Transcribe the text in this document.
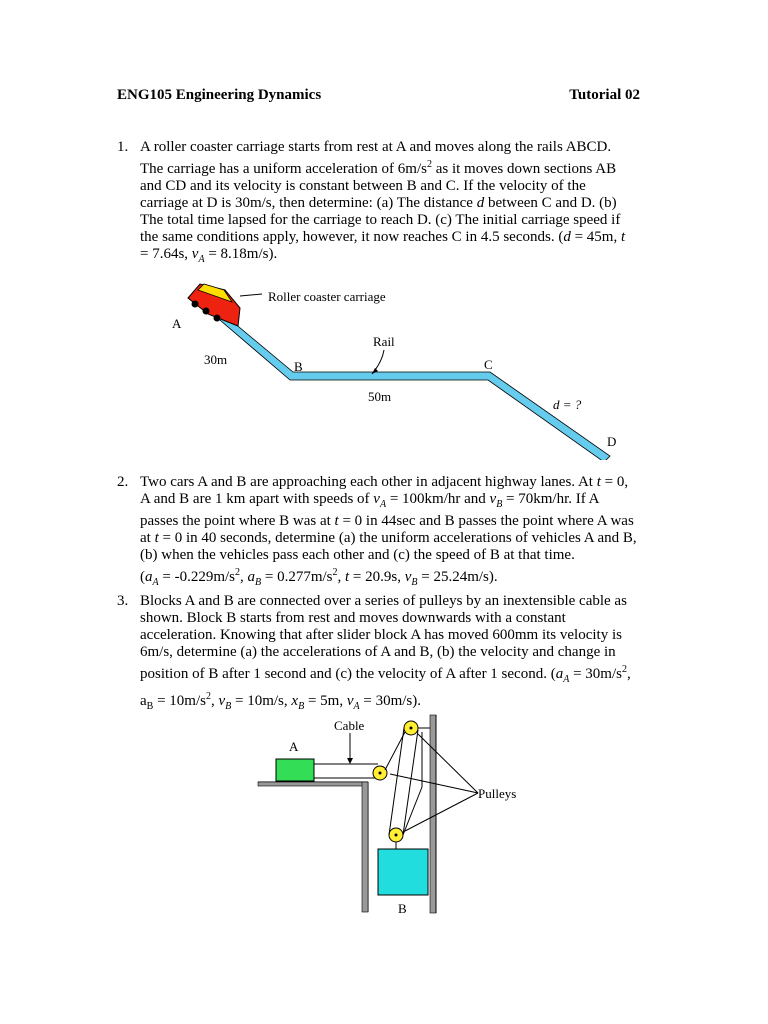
ENG105 Engineering Dynamics	Tutorial 02
1. A roller coaster carriage starts from rest at A and moves along the rails ABCD.

The carriage has a uniform acceleration of $6m/s^2$ as it moves down sections AB

and CD and its velocity is constant between B and C. If the velocity of the

carriage at D is 30m/s, then determine: (a) The distance d between C and D. (b)

The total time lapsed for the carriage to reach D. (c) The initial carriage speed if

the same conditions apply, however, it now reaches C in 4.5 seconds. (d = 45m, t

= 7.64s, $v_A = 8.18m/s$).

Roller coaster carriage
A
30m	B
Rail
50m
C
d = ?
D
2. Two cars A and B are approaching each other in adjacent highway lanes. At t = 0,

A and B are 1 km apart with speeds of $v_A = 100km/hr$ and $v_B = 70km/hr$. If A

passes the point where B was at t = 0 in 44sec and B passes the point where A was

at t = 0 in 40 seconds, determine (a) the uniform accelerations of vehicles A and B,

(b) when the vehicles pass each other and (c) the speed of B at that time.

($a_A = -0.229m/s^2$, $a_B = 0.277m/s^2$, t = 20.9s, $v_B = 25.24m/s$).

3. Blocks A and B are connected over a series of pulleys by an inextensible cable as

shown. Block B starts from rest and moves downwards with a constant

acceleration. Knowing that after slider block A has moved 600mm its velocity is

6m/s, determine (a) the accelerations of A and B, (b) the velocity and change in

position of B after 1 second and (c) the velocity of A after 1 second. ($a_A = 30m/s^2$,

$a_B = 10m/s^2$, $v_B = 10m/s$, $x_B = 5m$, $v_A = 30m/s$).

A
Cable
B
Pulleys
